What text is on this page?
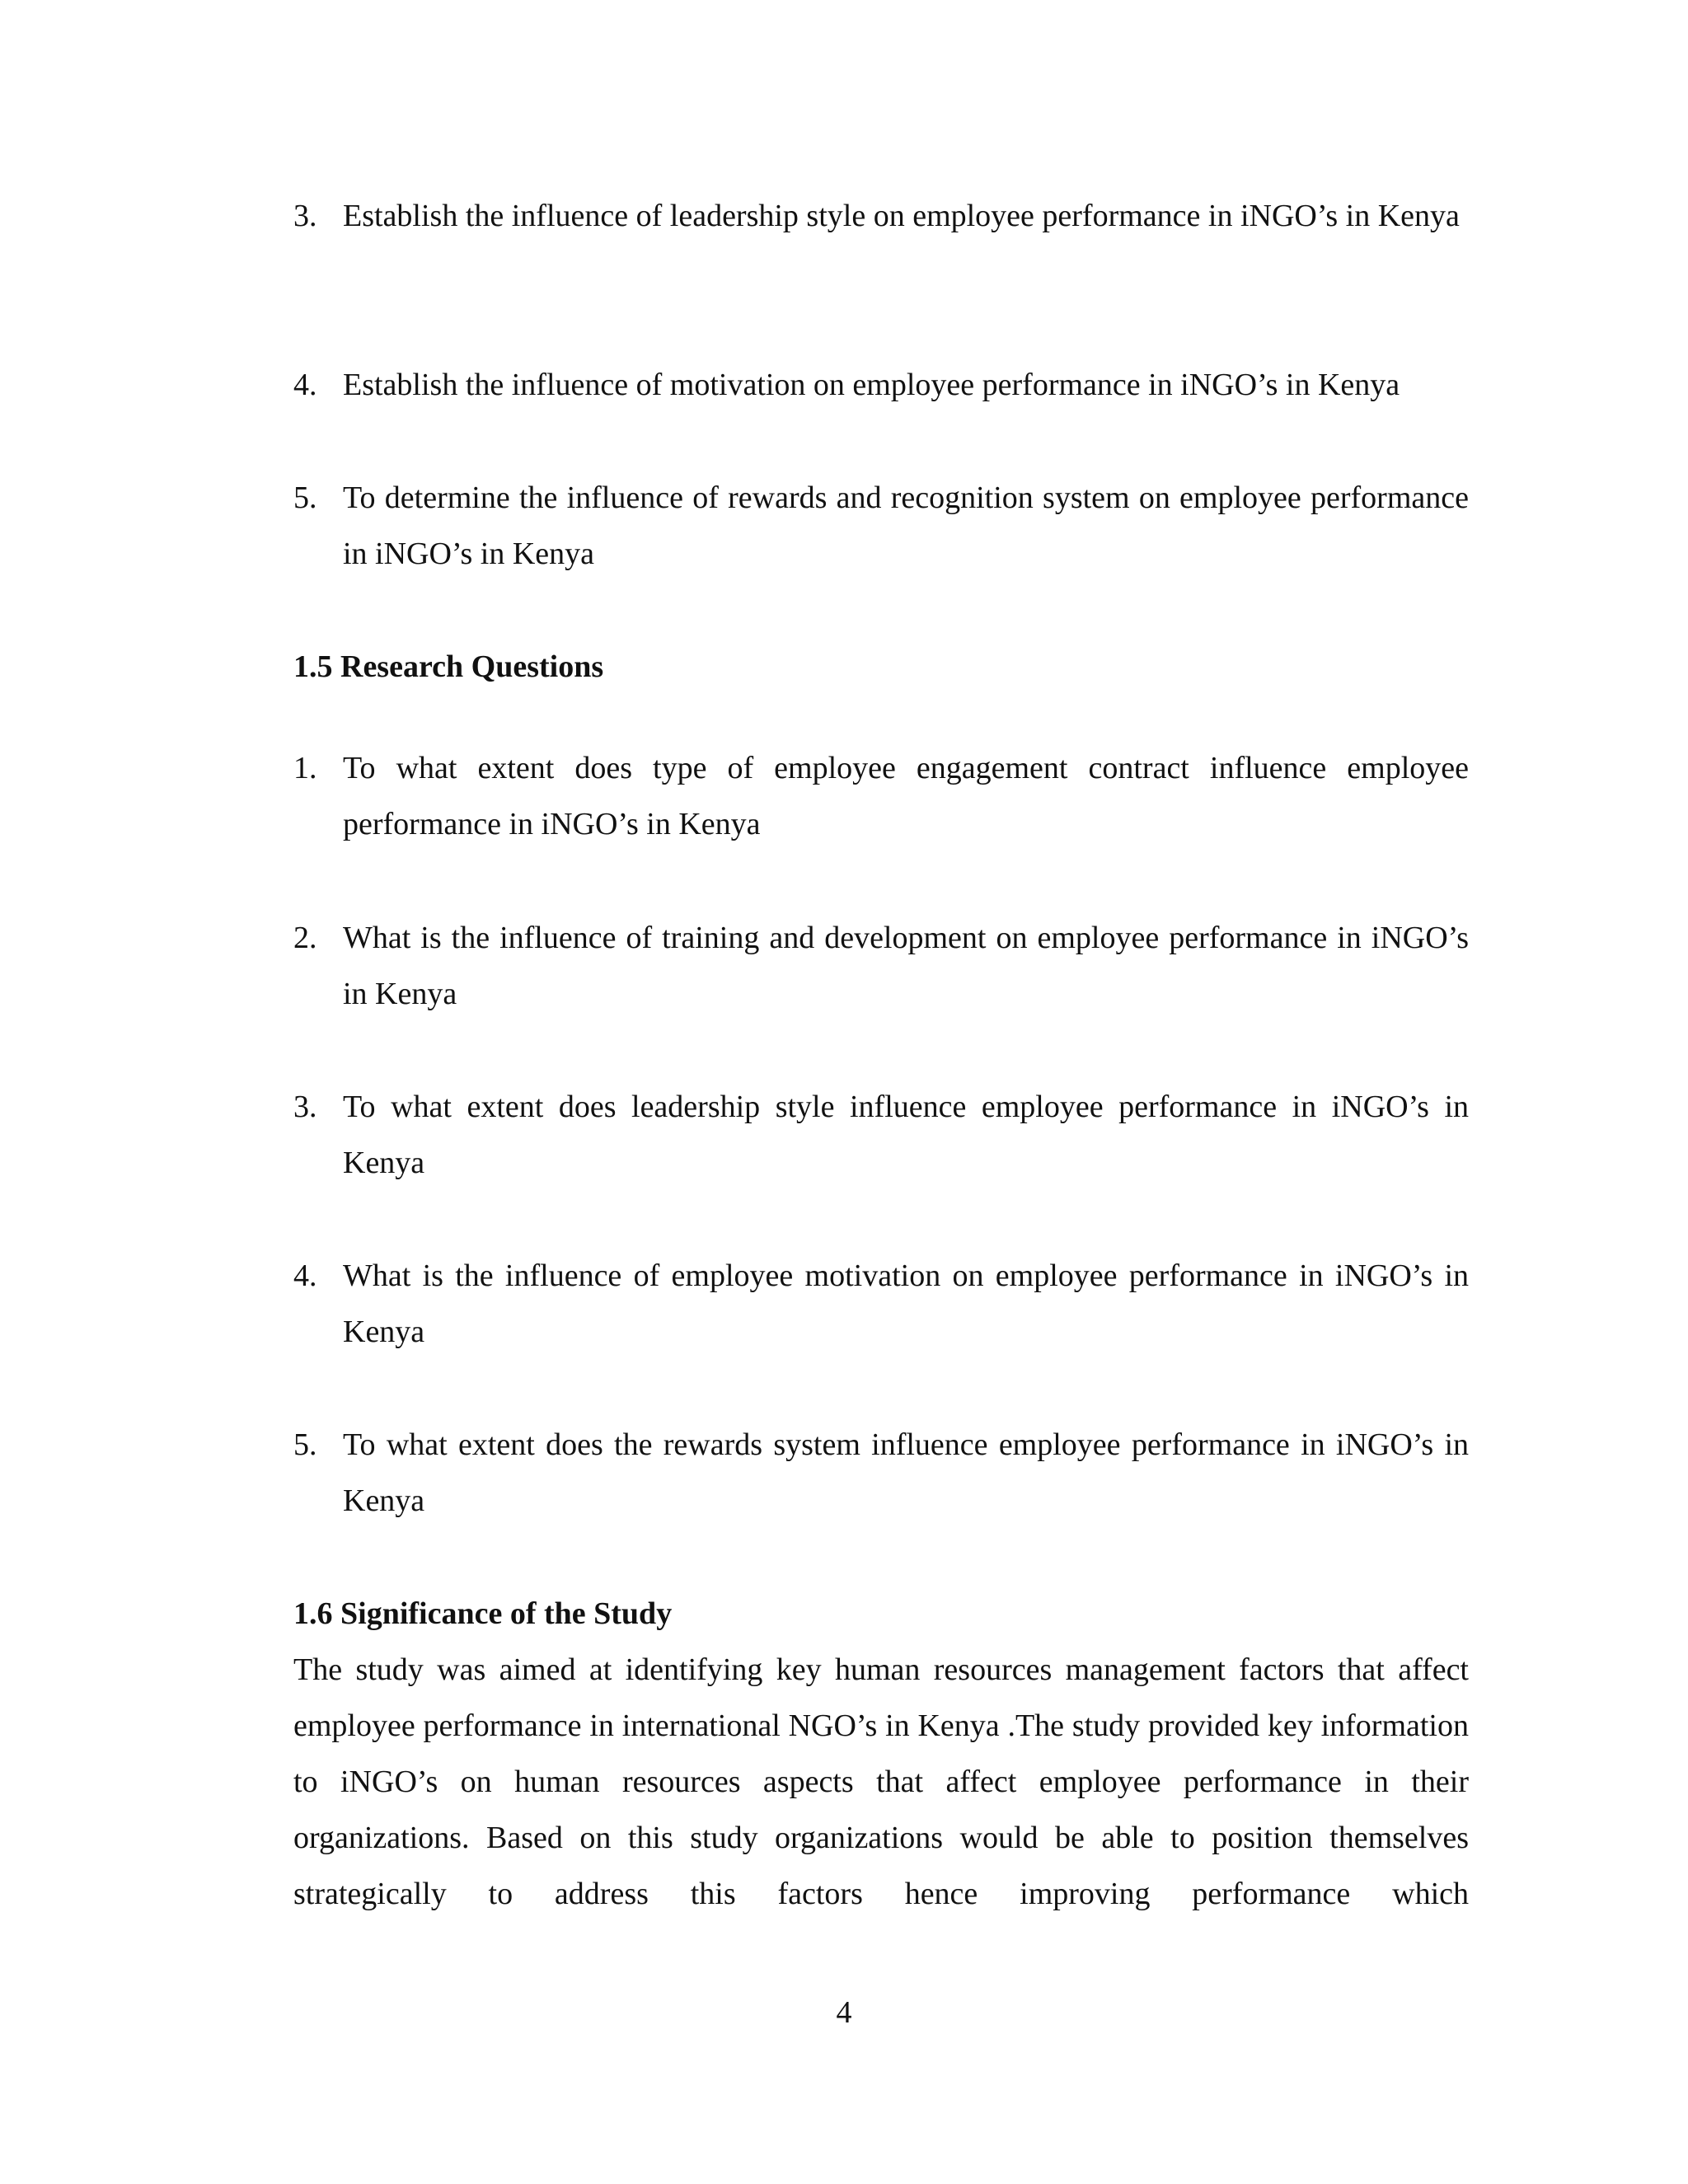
3. Establish the influence of leadership style on employee performance in iNGO’s in Kenya
4. Establish the influence of motivation on employee performance in iNGO’s in Kenya
5. To determine the influence of rewards and recognition system on employee performance in iNGO’s in Kenya
1.5 Research Questions
1. To what extent does type of employee engagement contract influence employee performance in iNGO’s in Kenya
2. What is the influence of training and development on employee performance in iNGO’s in Kenya
3. To what extent does leadership style influence employee performance in iNGO’s in Kenya
4. What is the influence of employee motivation on employee performance in iNGO’s in Kenya
5. To what extent does the rewards system influence employee performance in iNGO’s in Kenya
1.6 Significance of the Study

The study was aimed at identifying key human resources management factors that affect employee performance in international NGO’s in Kenya .The study provided key information to iNGO’s on human resources aspects that affect employee performance in their organizations. Based on this study organizations would be able to position themselves strategically to address this factors hence improving performance which

4
